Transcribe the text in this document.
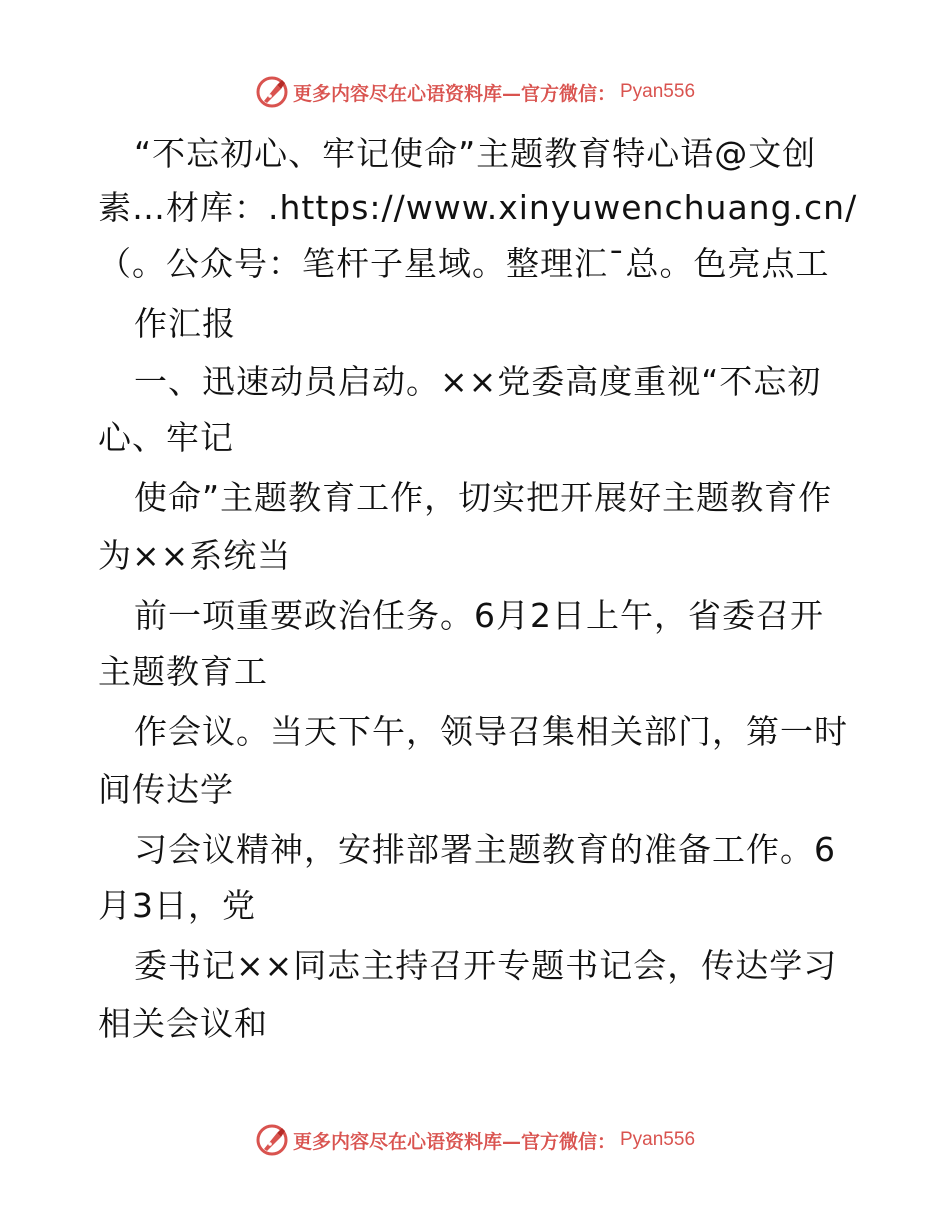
更多内容尽在心语资料库—官方微信： Pyan556
“不忘初心、牢记使命”主题教育特心语@文创
素…材库：.https://www.xinyuwenchuang.cn/
（。公众号：笔杆子星域。整理汇¯总。色亮点工
作汇报
一、迅速动员启动。××党委高度重视“不忘初
心、牢记
使命”主题教育工作，切实把开展好主题教育作
为××系统当
前一项重要政治任务。6月2日上午，省委召开
主题教育工
作会议。当天下午，领导召集相关部门，第一时
间传达学
习会议精神，安排部署主题教育的准备工作。6
月3日，党
委书记××同志主持召开专题书记会，传达学习
相关会议和
更多内容尽在心语资料库—官方微信： Pyan556
